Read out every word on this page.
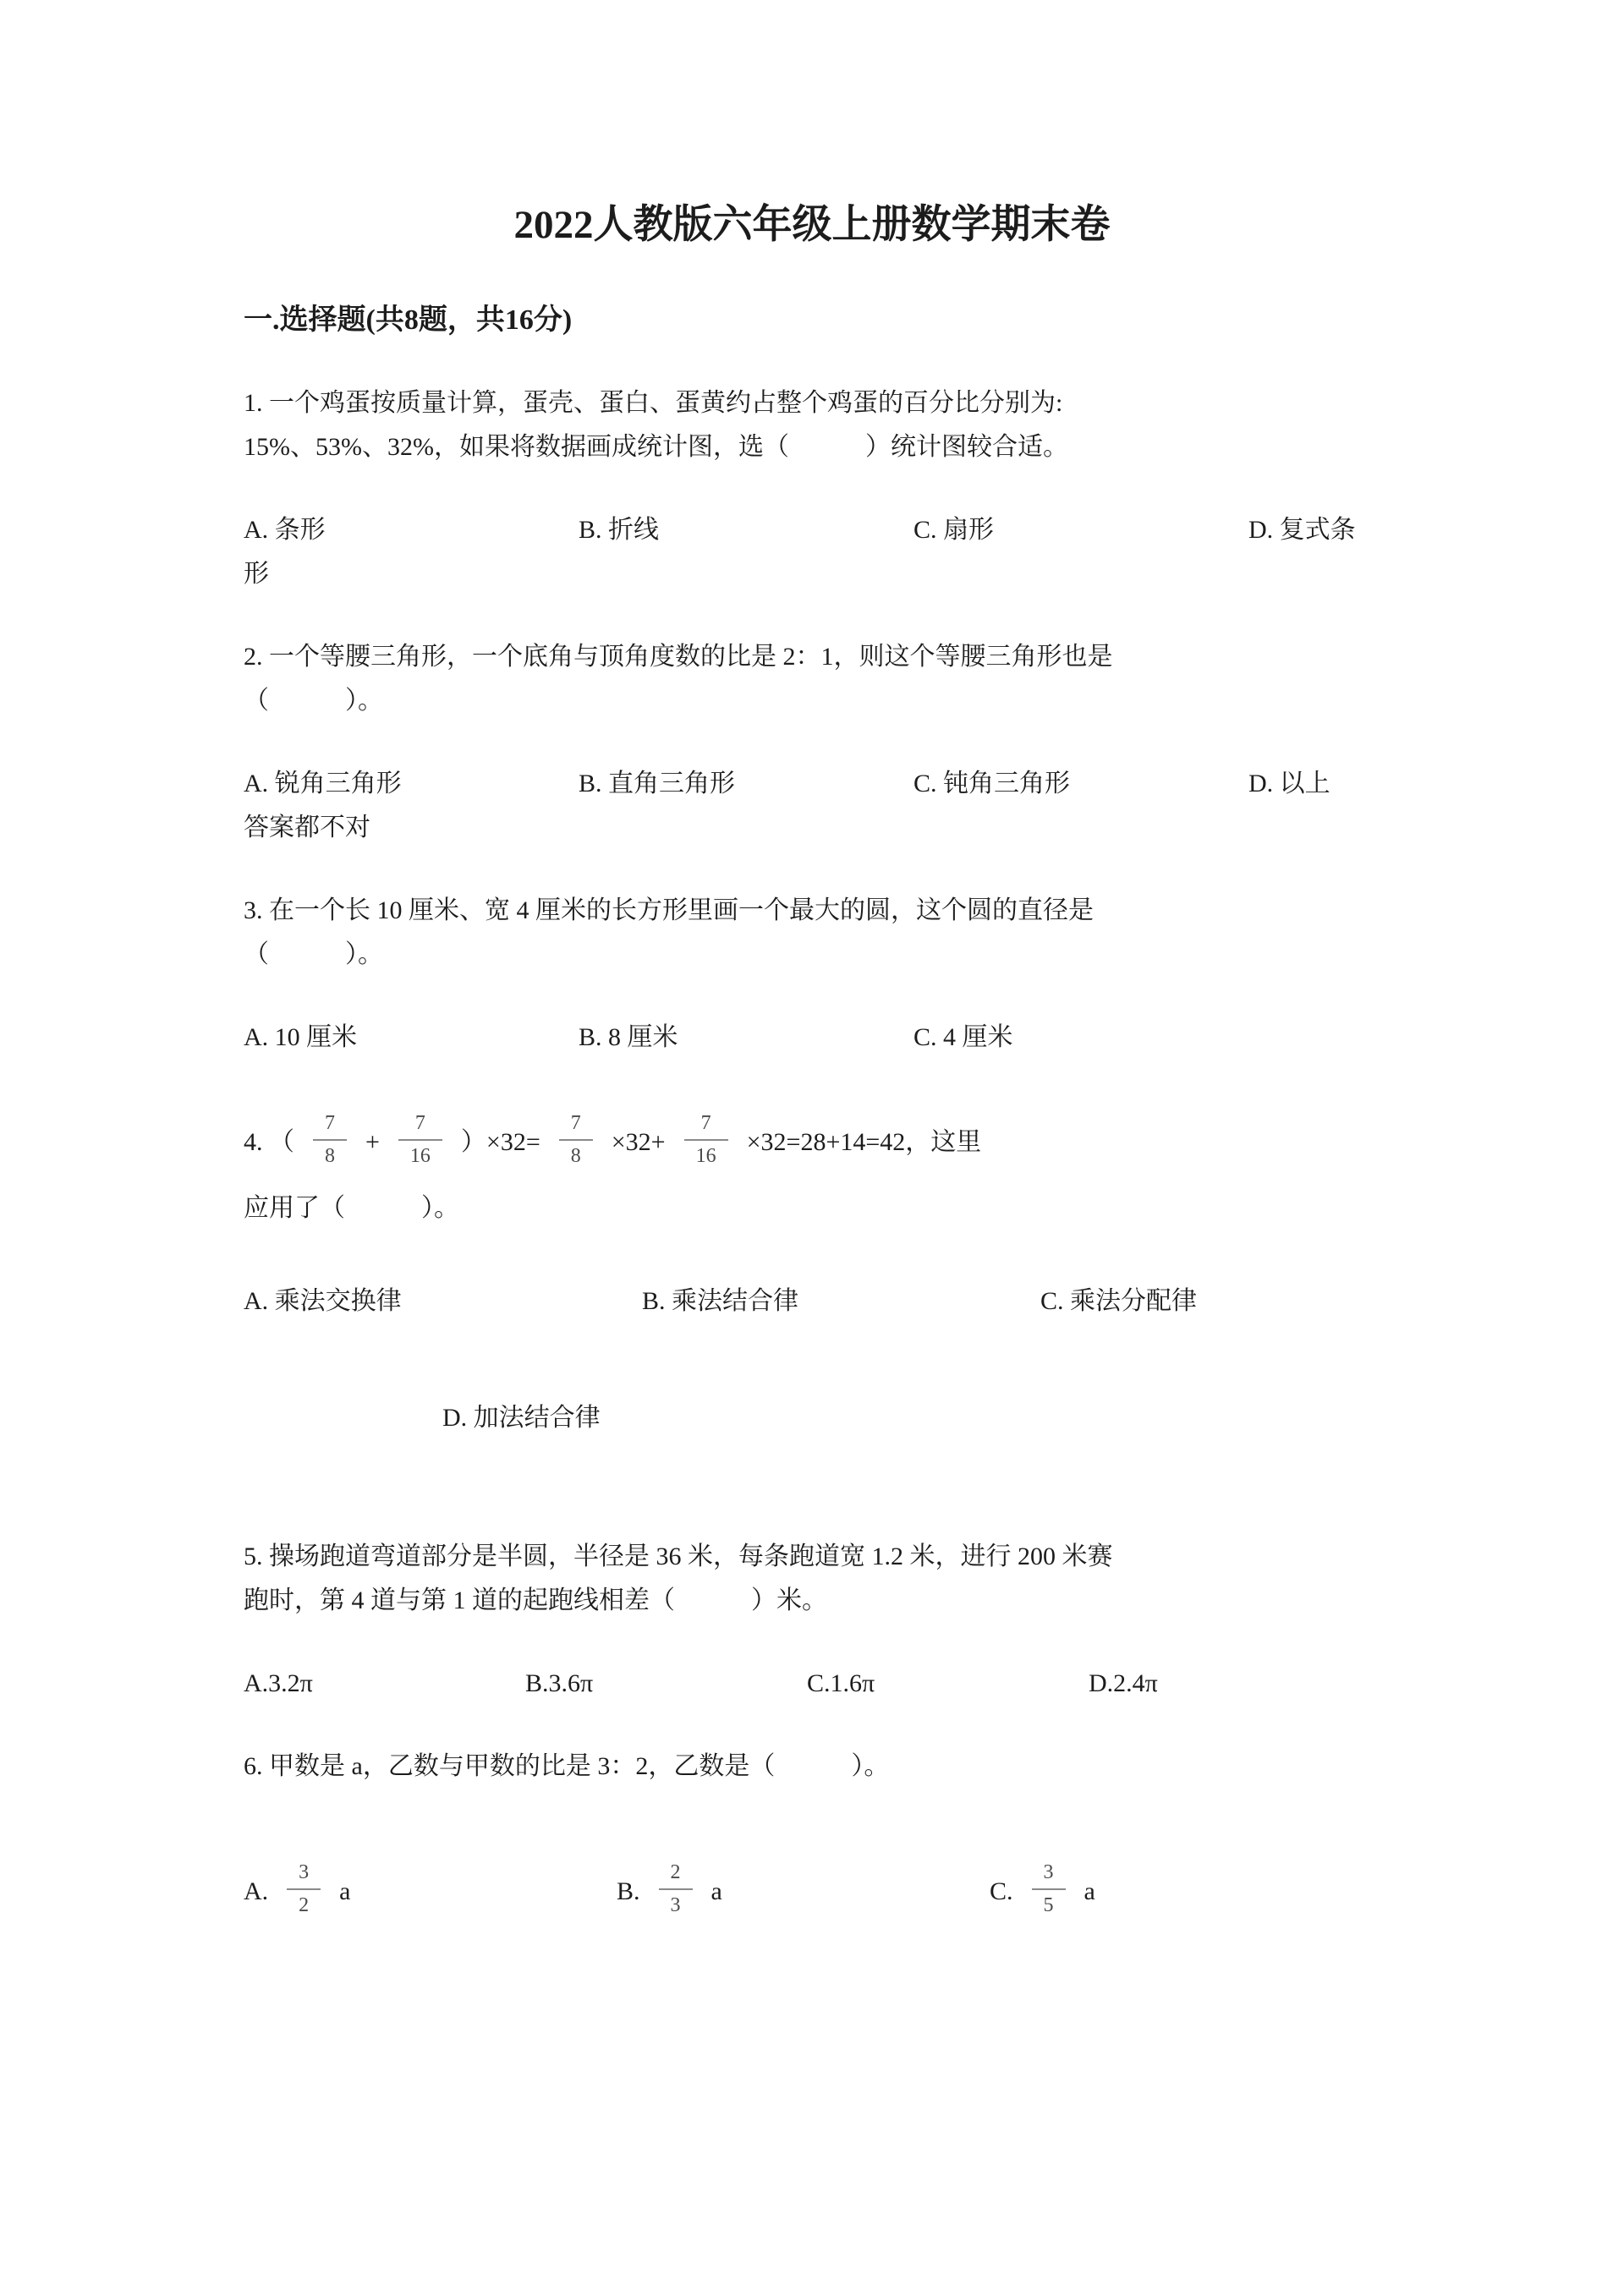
2022人教版六年级上册数学期末卷
一.选择题(共8题，共16分)
1. 一个鸡蛋按质量计算，蛋壳、蛋白、蛋黄约占整个鸡蛋的百分比分别为:
15%、53%、32%，如果将数据画成统计图，选（　　　）统计图较合适。
A. 条形	B. 折线	C. 扇形	D. 复式条
形
2. 一个等腰三角形，一个底角与顶角度数的比是 2：1，则这个等腰三角形也是
（　　　）。
A. 锐角三角形	B. 直角三角形	C. 钝角三角形	D. 以上
答案都不对
3. 在一个长 10 厘米、宽 4 厘米的长方形里画一个最大的圆，这个圆的直径是
（　　　）。
A. 10 厘米	B. 8 厘米	C. 4 厘米
4. （ $\frac{7}{8} + \frac{7}{16} )\times 32= \frac{7}{8} \times 32+ \frac{7}{16} \times 32=28+14=42$，这里
应用了（　　　）。
A. 乘法交换律	B. 乘法结合律	C. 乘法分配律
D. 加法结合律
5. 操场跑道弯道部分是半圆，半径是 36 米，每条跑道宽 1.2 米，进行 200 米赛
跑时，第 4 道与第 1 道的起跑线相差（　　　）米。
A.3.2π	B.3.6π	C.1.6π	D.2.4π
6. 甲数是 a，乙数与甲数的比是 3：2，乙数是（　　　）。
A. $\frac{3}{2}$ a	B. $\frac{2}{3}$ a	C. $\frac{3}{5}$ a
